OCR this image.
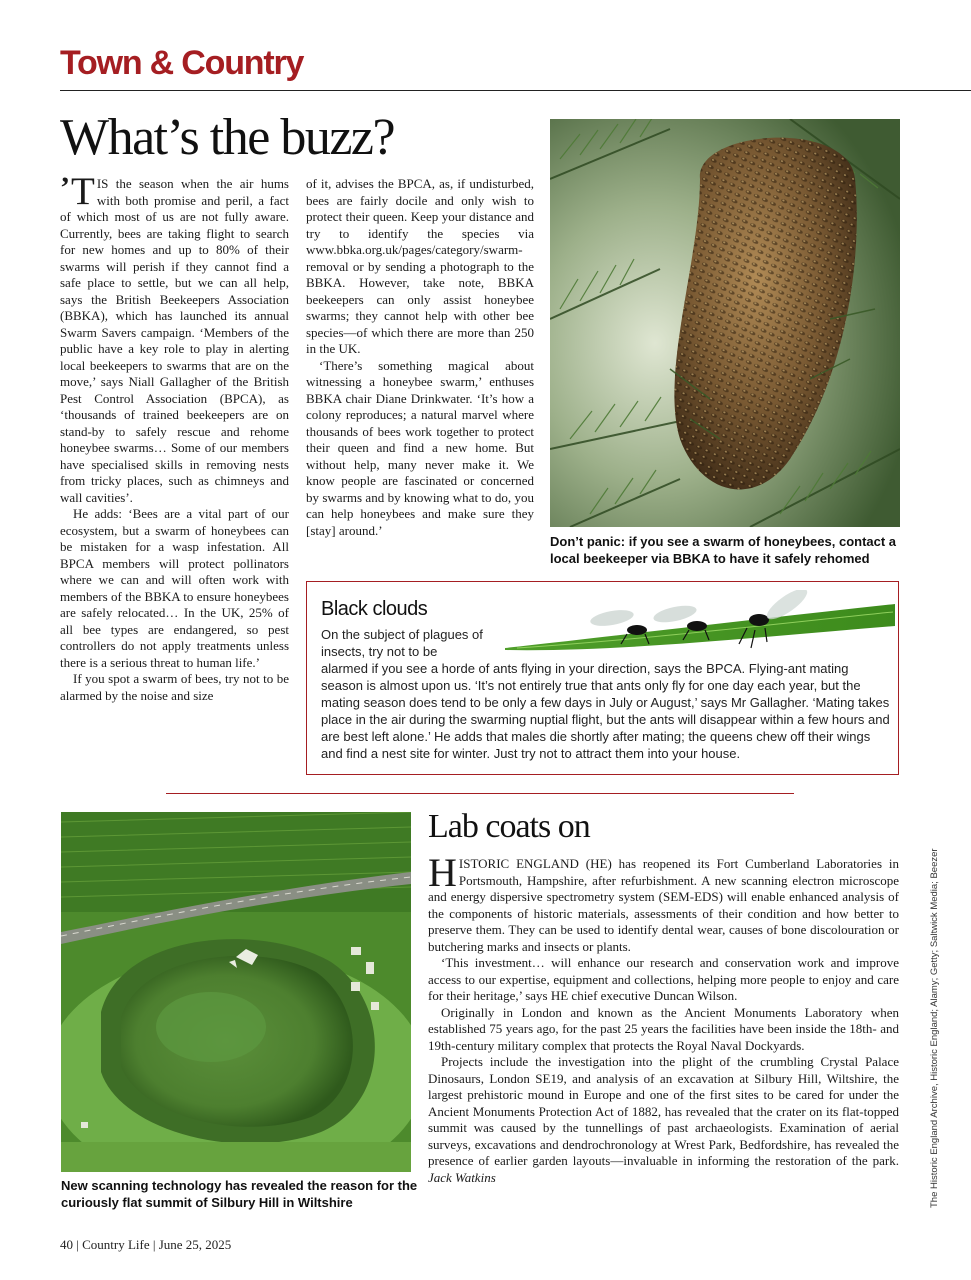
Town & Country
What’s the buzz?

’ T IS the season when the air hums with both promise and peril, a fact of which most of us are not fully aware. Currently, bees are taking flight to search for new homes and up to 80% of their swarms will perish if they cannot find a safe place to settle, but we can all help, says the British Beekeepers Association (BBKA), which has launched its annual Swarm Savers campaign. ‘Members of the public have a key role to play in alerting local beekeepers to swarms that are on the move,’ says Niall Gallagher of the British Pest Control Association (BPCA), as ‘thousands of trained beekeepers are on stand-by to safely rescue and rehome honeybee swarms… Some of our members have specialised skills in removing nests from tricky places, such as chimneys and wall cavities’.

He adds: ‘Bees are a vital part of our ecosystem, but a swarm of honeybees can be mistaken for a wasp infestation. All BPCA members will protect pollinators where we can and will often work with members of the BBKA to ensure honeybees are safely relocated… In the UK, 25% of all bee types are endangered, so pest controllers do not apply treatments unless there is a serious threat to human life.’

If you spot a swarm of bees, try not to be alarmed by the noise and size

of it, advises the BPCA, as, if undisturbed, bees are fairly docile and only wish to protect their queen. Keep your distance and try to identify the species via www.bbka.org.uk/pages/category/swarm-removal or by sending a photograph to the BBKA. However, take note, BBKA beekeepers can only assist honeybee swarms; they cannot help with other bee species—of which there are more than 250 in the UK.

‘There’s something magical about witnessing a honeybee swarm,’ enthuses BBKA chair Diane Drinkwater. ‘It’s how a colony reproduces; a natural marvel where thousands of bees work together to protect their queen and find a new home. But without help, many never make it. We know people are fascinated or concerned by swarms and by knowing what to do, you can help honeybees and make sure they [stay] around.’

Don’t panic: if you see a swarm of honeybees, contact a local beekeeper via BBKA to have it safely rehomed
Black clouds
On the subject of plagues of insects, try not to be
alarmed if you see a horde of ants flying in your direction, says the BPCA. Flying-ant mating season is almost upon us. ‘It’s not entirely true that ants only fly for one day each year, but the mating season does tend to be only a few days in July or August,’ says Mr Gallagher. ‘Mating takes place in the air during the swarming nuptial flight, but the ants will disappear within a few hours and are best left alone.’ He adds that males die shortly after mating; the queens chew off their wings and find a nest site for winter. Just try not to attract them into your house.
New scanning technology has revealed the reason for the curiously flat summit of Silbury Hill in Wiltshire
Lab coats on

HISTORIC ENGLAND (HE) has reopened its Fort Cumberland Laboratories in Portsmouth, Hampshire, after refurbishment. A new scanning electron microscope and energy dispersive spectrometry system (SEM-EDS) will enable enhanced analysis of the components of historic materials, assessments of their condition and how better to preserve them. They can be used to identify dental wear, causes of bone discolouration or butchering marks and insects or plants.

‘This investment… will enhance our research and conservation work and improve access to our expertise, equipment and collections, helping more people to enjoy and care for their heritage,’ says HE chief executive Duncan Wilson.

Originally in London and known as the Ancient Monuments Laboratory when established 75 years ago, for the past 25 years the facilities have been inside the 18th- and 19th-century military complex that protects the Royal Naval Dockyards.

Projects include the investigation into the plight of the crumbling Crystal Palace Dinosaurs, London SE19, and analysis of an excavation at Silbury Hill, Wiltshire, the largest prehistoric mound in Europe and one of the first sites to be cared for under the Ancient Monuments Protection Act of 1882, has revealed that the crater on its flat-topped summit was caused by the tunnellings of past archaeologists. Examination of aerial surveys, excavations and dendrochronology at Wrest Park, Bedfordshire, has revealed the presence of earlier garden layouts—invaluable in informing the restoration of the park. Jack Watkins

40 | Country Life | June 25, 2025
The Historic England Archive, Historic England; Alamy; Getty; Saltwick Media; Beezer
